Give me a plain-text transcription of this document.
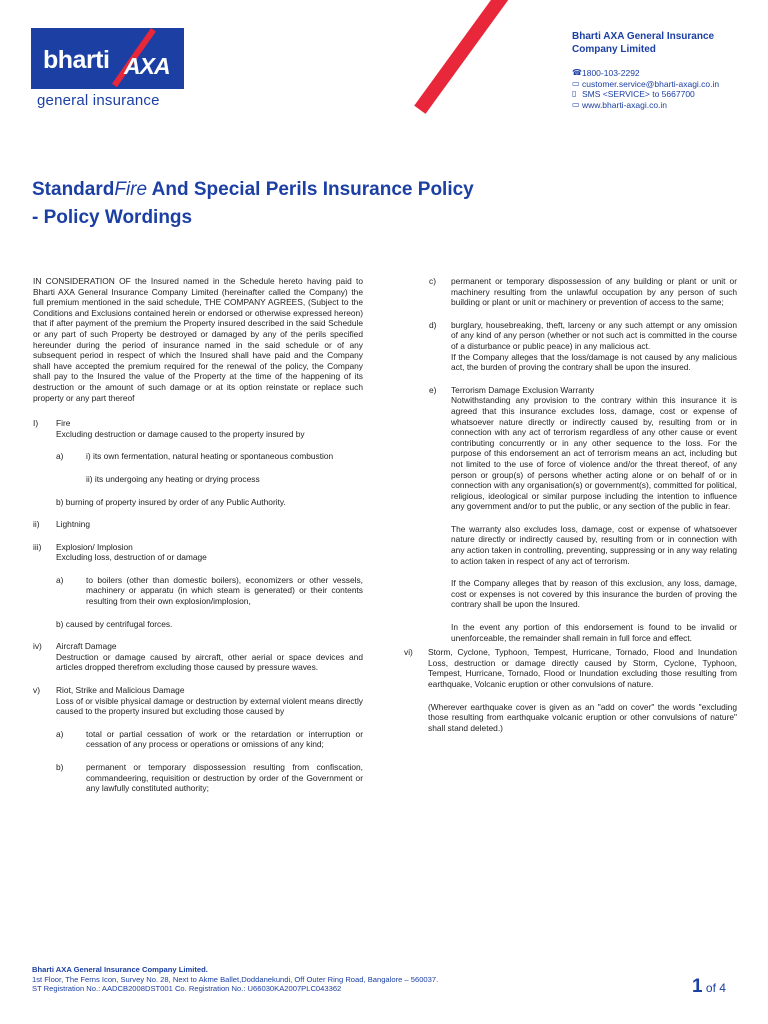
bharti AXA
general insurance
Bharti AXA General Insurance
Company Limited
☎ 1800-103-2292
▭ customer.service@bharti-axagi.co.in
▯ SMS <SERVICE> to 5667700
▭ www.bharti-axagi.co.in
StandardFire And Special Perils Insurance Policy
- Policy Wordings

IN CONSIDERATION OF the Insured named in the Schedule hereto having paid to Bharti AXA General Insurance Company Limited (hereinafter called the Company) the full premium mentioned in the said schedule, THE COMPANY AGREES, (Subject to the Conditions and Exclusions contained herein or endorsed or otherwise expressed hereon) that if after payment of the premium the Property insured described in the said Schedule or any part of such Property be destroyed or damaged by any of the perils specified hereunder during the period of insurance named in the said schedule or of any subsequent period in respect of which the Insured shall have paid and the Company shall have accepted the premium required for the renewal of the policy, the Company shall pay to the Insured the value of the Property at the time of the happening of its destruction or the amount of such damage or at its option reinstate or replace such property or any part thereof

I) Fire
Excluding destruction or damage caused to the property insured by
a)	i) its own fermentation, natural heating or spontaneous combustion

ii) its undergoing any heating or drying process

b) burning of property insured by order of any Public Authority.
ii) Lightning
iii) Explosion/ Implosion
Excluding loss, destruction of or damage
a)	to boilers (other than domestic boilers), economizers or other vessels, machinery or apparatu (in which steam is generated) or their contents resulting from their own explosion/implosion,

b) caused by centrifugal forces.
iv) Aircraft Damage

Destruction or damage caused by aircraft, other aerial or space devices and articles dropped therefrom excluding those caused by pressure waves.

v) Riot, Strike and Malicious Damage

Loss of or visible physical damage or destruction by external violent means directly caused to the property insured but excluding those caused by

a)	total or partial cessation of work or the retardation or interruption or cessation of any process or operations or omissions of any kind;

b)	permanent or temporary dispossession resulting from confiscation, commandeering, requisition or destruction by order of the Government or any lawfully constituted authority;

c) permanent or temporary dispossession of any building or plant or unit or machinery resulting from the unlawful occupation by any person of such building or plant or unit or machinery or prevention of access to the same;

d) burglary, housebreaking, theft, larceny or any such attempt or any omission of any kind of any person (whether or not such act is committed in the course of a disturbance or public peace) in any malicious act.

If the Company alleges that the loss/damage is not caused by any malicious act, the burden of proving the contrary shall be upon the insured.

e) Terrorism Damage Exclusion Warranty

Notwithstanding any provision to the contrary within this insurance it is agreed that this insurance excludes loss, damage, cost or expense of whatsoever nature directly or indirectly caused by, resulting from or in connection with any act of terrorism regardless of any other cause or event contributing concurrently or in any other sequence to the loss. For the purpose of this endorsement an act of terrorism means an act, including but not limited to the use of force of violence and/or the threat thereof, of any person or group(s) of persons whether acting alone or on behalf of or in connection with any organisation(s) or government(s), committed for political, religious, ideological or similar purpose including the intention to influence any government and/or to put the public, or any section of the public in fear.

The warranty also excludes loss, damage, cost or expense of whatsoever nature directly or indirectly caused by, resulting from or in connection with any action taken in controlling, preventing, suppressing or in any way relating to action taken in respect of any act of terrorism.

If the Company alleges that by reason of this exclusion, any loss, damage, cost or expenses is not covered by this insurance the burden of proving the contrary shall be upon the Insured.

In the event any portion of this endorsement is found to be invalid or unenforceable, the remainder shall remain in full force and effect.

vi) Storm, Cyclone, Typhoon, Tempest, Hurricane, Tornado, Flood and Inundation Loss, destruction or damage directly caused by Storm, Cyclone, Typhoon, Tempest, Hurricane, Tornado, Flood or Inundation excluding those resulting from earthquake, Volcanic eruption or other convulsions of nature.

(Wherever earthquake cover is given as an "add on cover" the words "excluding those resulting from earthquake volcanic eruption or other convulsions of nature" shall stand deleted.)

Bharti AXA General Insurance Company Limited.
1st Floor, The Ferns Icon, Survey No. 28, Next to Akme Ballet,Doddanekundi, Off Outer Ring Road, Bangalore – 560037.
ST Registration No.: AADCB2008DST001 Co. Registration No.: U66030KA2007PLC043362	1 of 4
